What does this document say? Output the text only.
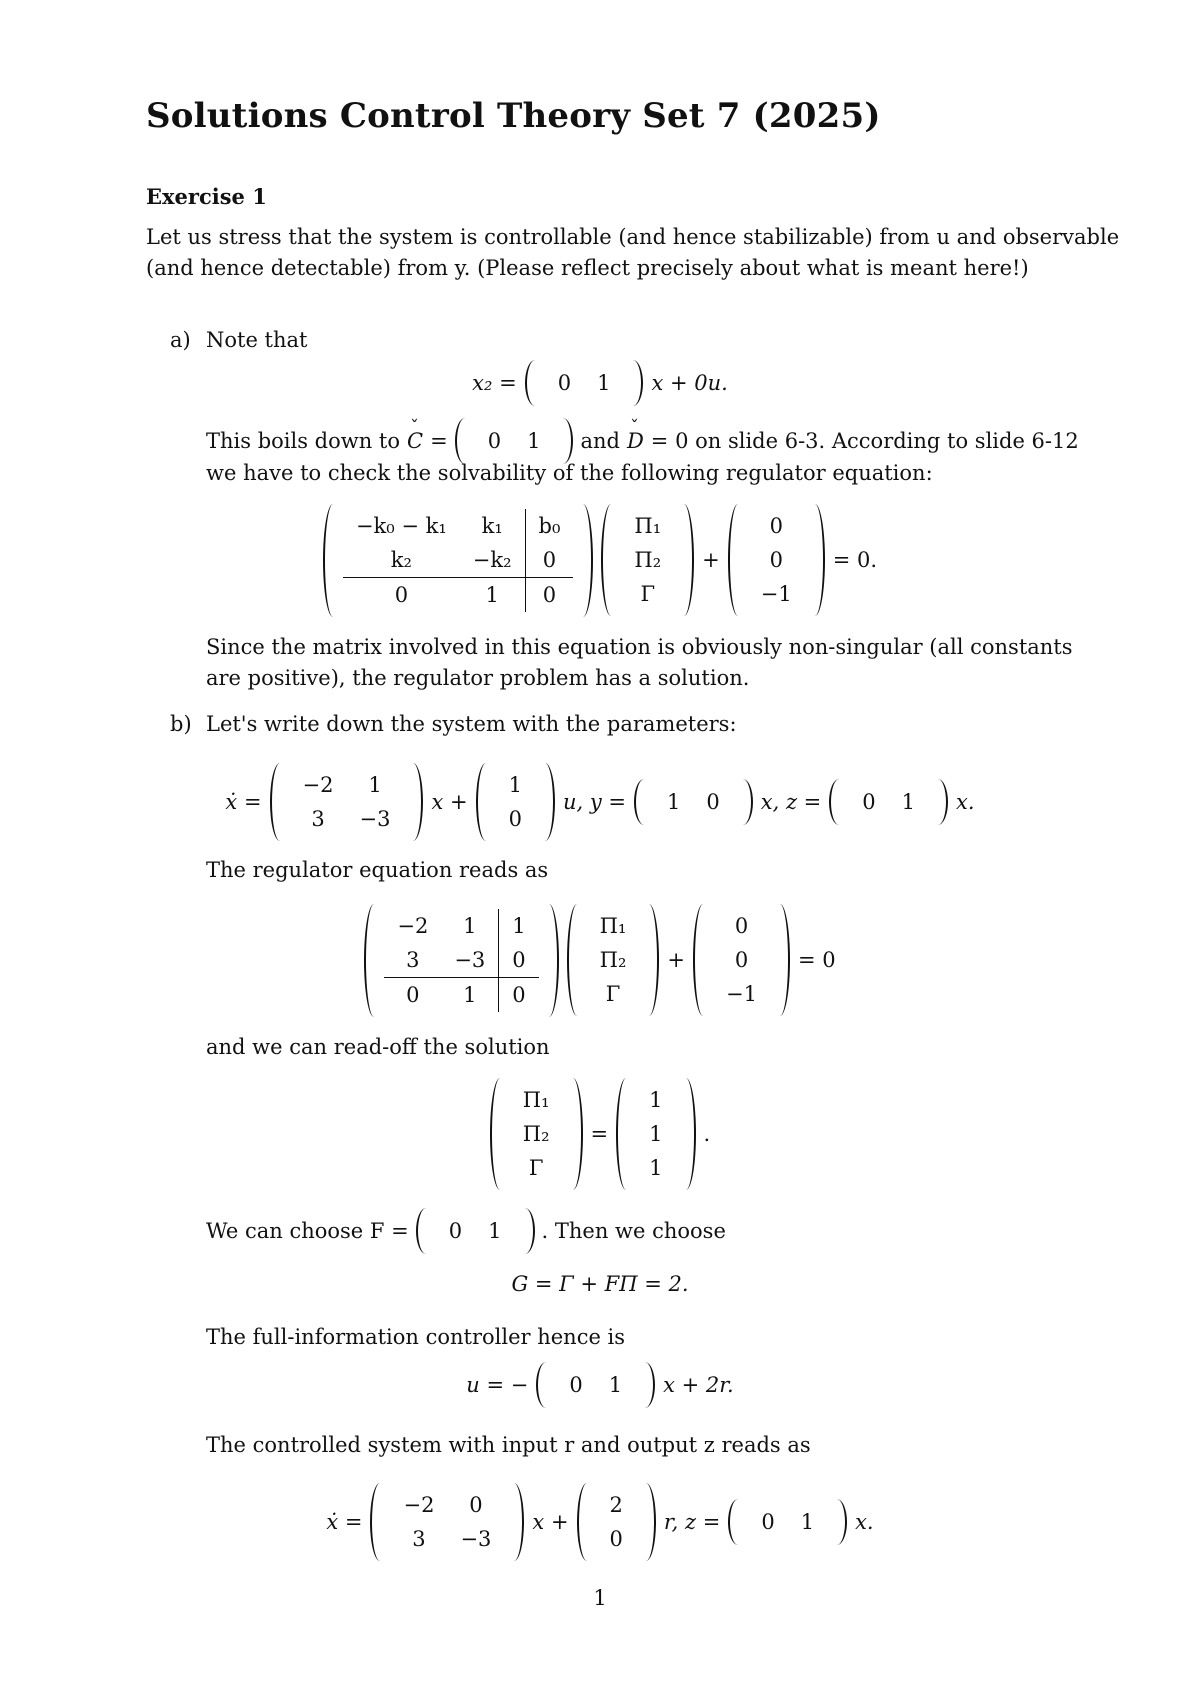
Solutions Control Theory Set 7 (2025)
Exercise 1
Let us stress that the system is controllable (and hence stabilizable) from u and observable
(and hence detectable) from y. (Please reflect precisely about what is meant here!)
a) Note that
x₂ = 0	1 x + 0u.
This boils down to ˇ C = 0	1 and ˇ D = 0 on slide 6-3. According to slide 6-12
we have to check the solvability of the following regulator equation:
−k₀ − k₁	k₁	b₀
k₂	−k₂	0
0	1	0
Π₁
Π₂
Γ
+
0
0
−1
= 0.
Since the matrix involved in this equation is obviously non-singular (all constants
are positive), the regulator problem has a solution.
b) Let's write down the system with the parameters:
ẋ =
−2	1
3	−3
x +
1
0
u, y = 1	0 x, z = 0	1 x.
The regulator equation reads as
−2	1	1
3	−3	0
0	1	0
Π₁
Π₂
Γ
+
0
0
−1
= 0
and we can read-off the solution
Π₁
Π₂
Γ
=
1
1
1
.
We can choose F = 0	1 . Then we choose
G = Γ + FΠ = 2.
The full-information controller hence is
u = − 0	1 x + 2r.
The controlled system with input r and output z reads as
ẋ =
−2	0
3	−3
x +
2
0
r, z = 0	1 x.
1
